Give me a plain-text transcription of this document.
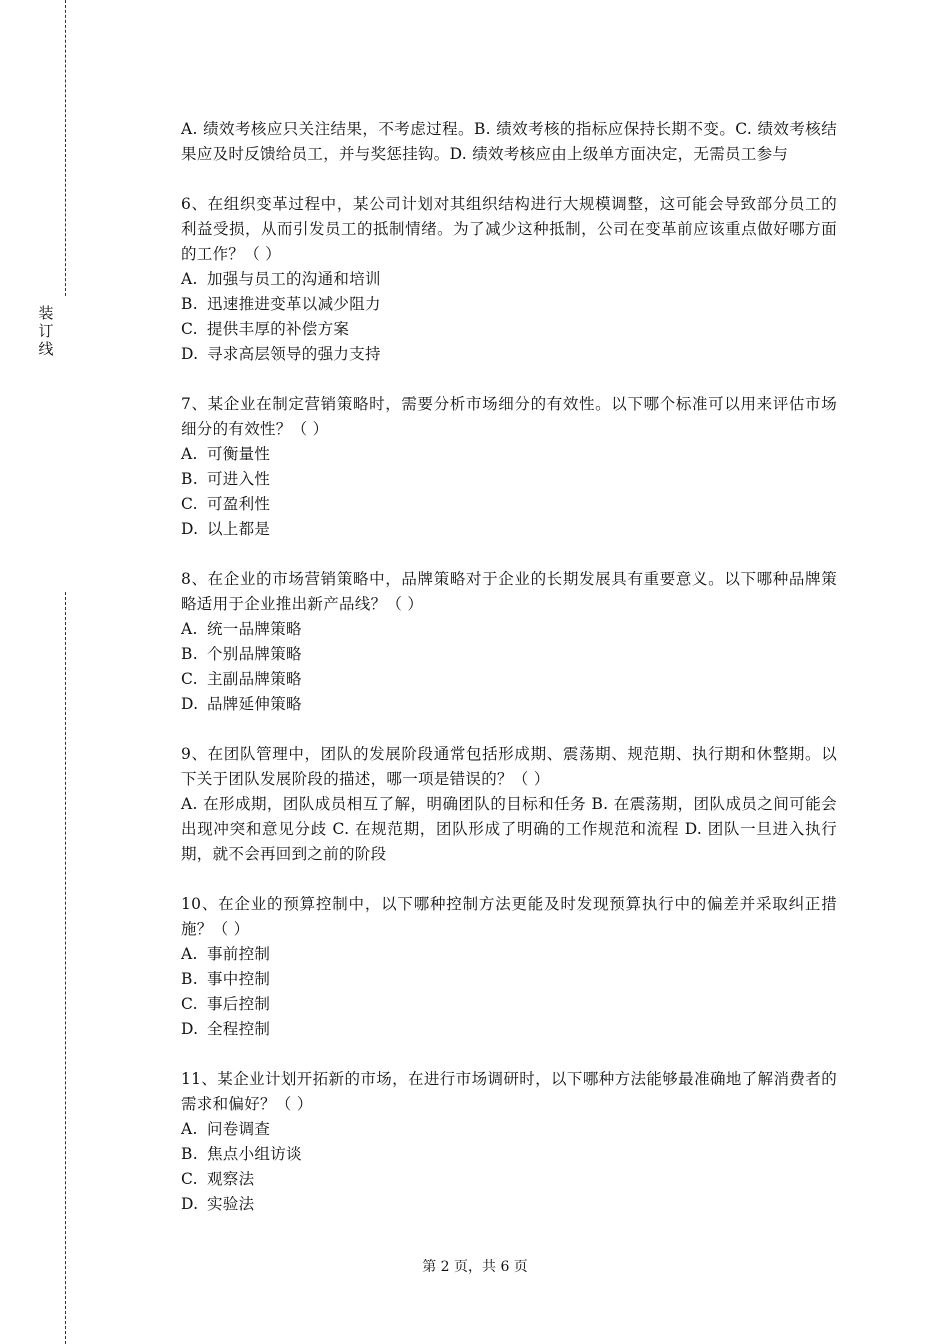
装
订
线

A. 绩效考核应只关注结果，不考虑过程。B. 绩效考核的指标应保持长期不变。C. 绩效考核结果应及时反馈给员工，并与奖惩挂钩。D. 绩效考核应由上级单方面决定，无需员工参与

6、在组织变革过程中，某公司计划对其组织结构进行大规模调整，这可能会导致部分员工的利益受损，从而引发员工的抵制情绪。为了减少这种抵制，公司在变革前应该重点做好哪方面的工作？（ ）

A. 加强与员工的沟通和培训

B. 迅速推进变革以减少阻力

C. 提供丰厚的补偿方案

D. 寻求高层领导的强力支持

7、某企业在制定营销策略时，需要分析市场细分的有效性。以下哪个标准可以用来评估市场细分的有效性？（ ）

A. 可衡量性

B. 可进入性

C. 可盈利性

D. 以上都是

8、在企业的市场营销策略中，品牌策略对于企业的长期发展具有重要意义。以下哪种品牌策略适用于企业推出新产品线？（ ）

A. 统一品牌策略

B. 个别品牌策略

C. 主副品牌策略

D. 品牌延伸策略

9、在团队管理中，团队的发展阶段通常包括形成期、震荡期、规范期、执行期和休整期。以下关于团队发展阶段的描述，哪一项是错误的？（ ）

A. 在形成期，团队成员相互了解，明确团队的目标和任务 B. 在震荡期，团队成员之间可能会出现冲突和意见分歧 C. 在规范期，团队形成了明确的工作规范和流程 D. 团队一旦进入执行期，就不会再回到之前的阶段

10、在企业的预算控制中，以下哪种控制方法更能及时发现预算执行中的偏差并采取纠正措施？（ ）

A. 事前控制

B. 事中控制

C. 事后控制

D. 全程控制

11、某企业计划开拓新的市场，在进行市场调研时，以下哪种方法能够最准确地了解消费者的需求和偏好？（ ）

A. 问卷调查

B. 焦点小组访谈

C. 观察法

D. 实验法

第 2 页，共 6 页
